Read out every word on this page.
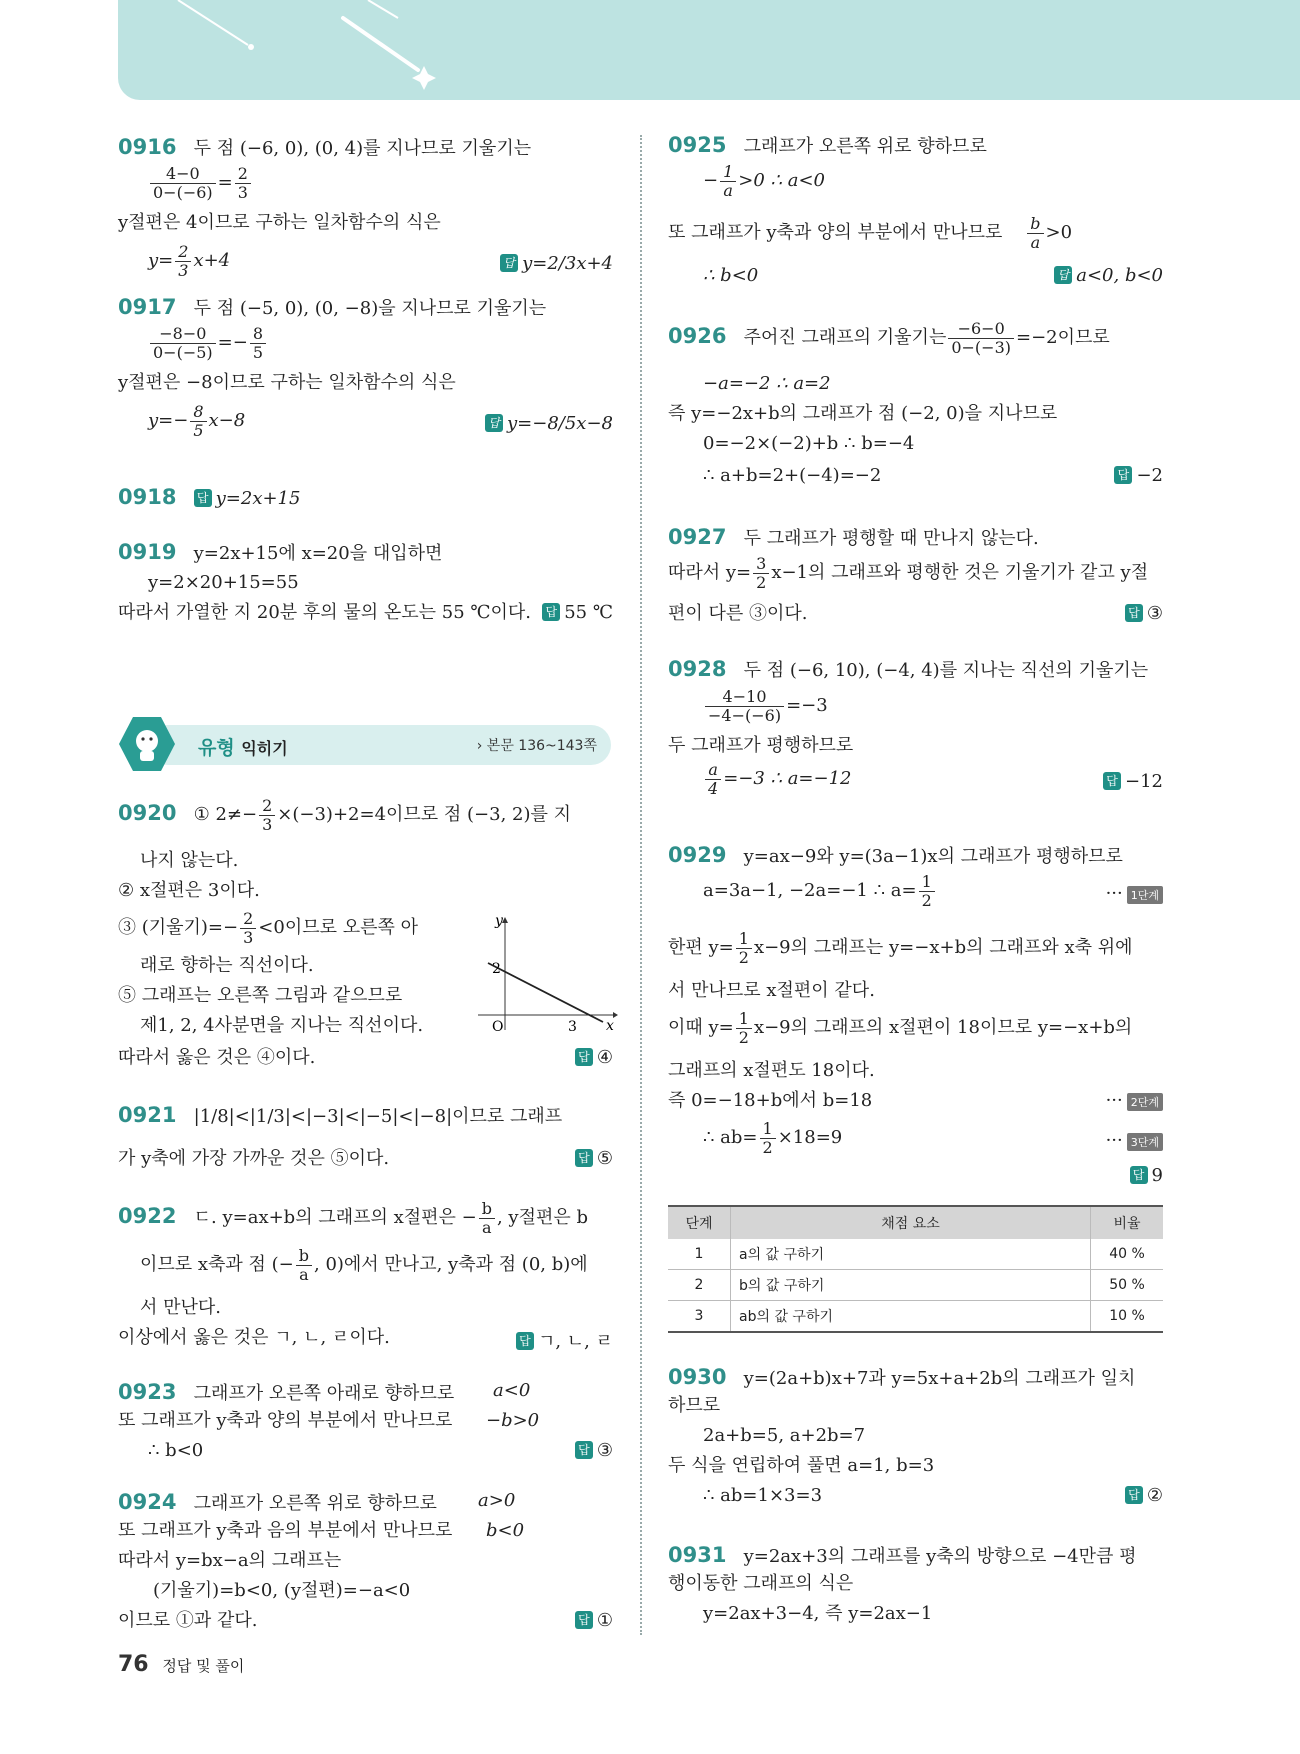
0916 두 점 (−6, 0), (0, 4)를 지나므로 기울기는
$\frac{4-0}{0-(-6)} = \frac{2}{3}$
y절편은 4이므로 구하는 일차함수의 식은
$y= \frac{2}{3} x+4$	답 y=2/3x+4
0917 두 점 (−5, 0), (0, −8)을 지나므로 기울기는
$\frac{-8-0}{0-(-5)} =- \frac{8}{5}$
y절편은 −8이므로 구하는 일차함수의 식은
$y=- \frac{8}{5} x-8$	답 y=−8/5x−8
0918 답 y=2x+15
0919 y=2x+15에 x=20을 대입하면
y=2×20+15=55
따라서 가열한 지 20분 후의 물의 온도는 55 ℃이다. 답 55 ℃
유형 익히기	› 본문 136~143쪽
0920 ① $2\ne- \frac{2}{3} \times(-3)+2=4$이므로 점 (−3, 2)를 지
나지 않는다.
② x절편은 3이다.
③ (기울기)=− $\frac{2}{3} <0$이므로 오른쪽 아
래로 향하는 직선이다.
⑤ 그래프는 오른쪽 그림과 같으므로
제1, 2, 4사분면을 지나는 직선이다.
따라서 옳은 것은 ④이다.
y
x
O
2
3
답 ④
0921 |1/8|<|1/3|<|−3|<|−5|<|−8|이므로 그래프
가 y축에 가장 가까운 것은 ⑤이다.	답 ⑤
0922 ㄷ. y=ax+b의 그래프의 x절편은 − $\frac{b}{a}$ , y절편은 b
이므로 x축과 점 (− $\frac{b}{a}$ , 0)에서 만나고, y축과 점 (0, b)에
서 만난다.
이상에서 옳은 것은 ㄱ, ㄴ, ㄹ이다.	답 ㄱ, ㄴ, ㄹ
0923 그래프가 오른쪽 아래로 향하므로 a<0
또 그래프가 y축과 양의 부분에서 만나므로 −b>0
∴ b<0	답 ③
0924 그래프가 오른쪽 위로 향하므로 a>0
또 그래프가 y축과 음의 부분에서 만나므로 b<0
따라서 y=bx−a의 그래프는
(기울기)=b<0, (y절편)=−a<0
이므로 ①과 같다.	답 ①
0925 그래프가 오른쪽 위로 향하므로
− $\frac{1}{a} >0$ ∴ a<0
또 그래프가 y축과 양의 부분에서 만나므로 $\frac{b}{a} >0$
∴ b<0	답 a<0, b<0
0926 주어진 그래프의 기울기는 $\frac{-6-0}{0-(-3)} =-2$이므로
−a=−2 ∴ a=2
즉 y=−2x+b의 그래프가 점 (−2, 0)을 지나므로
0=−2×(−2)+b ∴ b=−4
∴ a+b=2+(−4)=−2	답 −2
0927 두 그래프가 평행할 때 만나지 않는다.
따라서 $y= \frac{3}{2} x-1$의 그래프와 평행한 것은 기울기가 같고 y절
편이 다른 ③이다.	답 ③
0928 두 점 (−6, 10), (−4, 4)를 지나는 직선의 기울기는
$\frac{4-10}{-4-(-6)} =-3$
두 그래프가 평행하므로
$\frac{a}{4} =-3$ ∴ a=−12	답 −12
0929 y=ax−9와 y=(3a−1)x의 그래프가 평행하므로
a=3a−1, −2a=−1 ∴ $a= \frac{1}{2}$	··· 1단계
한편 $y= \frac{1}{2} x-9$의 그래프는 y=−x+b의 그래프와 x축 위에
서 만나므로 x절편이 같다.
이때 $y= \frac{1}{2} x-9$의 그래프의 x절편이 18이므로 y=−x+b의
그래프의 x절편도 18이다.
즉 0=−18+b에서 b=18	··· 2단계
∴ $ab= \frac{1}{2} \times 18=9$	··· 3단계
답 9
단계	채점 요소	비율
1	a의 값 구하기	40 %
2	b의 값 구하기	50 %
3	ab의 값 구하기	10 %
0930 y=(2a+b)x+7과 y=5x+a+2b의 그래프가 일치
하므로
2a+b=5, a+2b=7
두 식을 연립하여 풀면 a=1, b=3
∴ ab=1×3=3	답 ②
0931 y=2ax+3의 그래프를 y축의 방향으로 −4만큼 평
행이동한 그래프의 식은
y=2ax+3−4, 즉 y=2ax−1
76 정답 및 풀이
